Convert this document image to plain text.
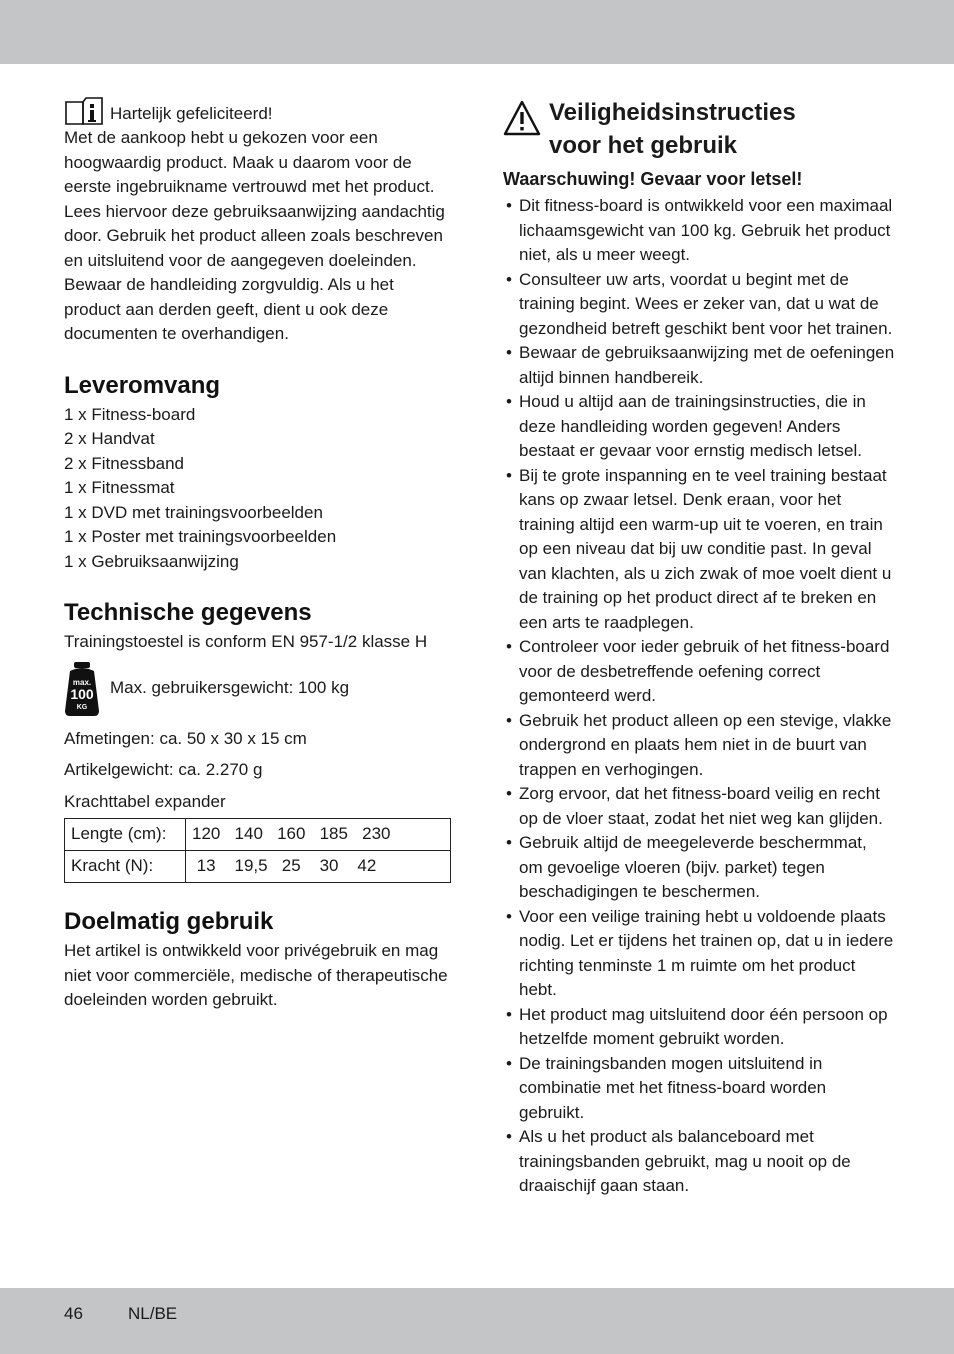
Hartelijk gefeliciteerd!

Met de aankoop hebt u gekozen voor een hoogwaardig product. Maak u daarom voor de eerste ingebruikname vertrouwd met het product. Lees hiervoor deze gebruiksaanwijzing aandachtig door. Gebruik het product alleen zoals beschreven en uitsluitend voor de aangegeven doeleinden. Bewaar de handleiding zorgvuldig. Als u het product aan derden geeft, dient u ook deze documenten te overhandigen.

Leveromvang
1 x Fitness-board
2 x Handvat
2 x Fitnessband
1 x Fitnessmat
1 x DVD met trainingsvoorbeelden
1 x Poster met trainingsvoorbeelden
1 x Gebruiksaanwijzing
Technische gegevens

Trainingstoestel is conform EN 957-1/2 klasse H

max.
100
KG
Max. gebruikersgewicht: 100 kg

Afmetingen: ca. 50 x 30 x 15 cm

Artikelgewicht: ca. 2.270 g

Krachttabel expander

Lengte (cm):	120   140   160   185   230
Kracht (N):	13    19,5   25    30    42
Doelmatig gebruik

Het artikel is ontwikkeld voor privégebruik en mag niet voor commerciële, medische of therapeutische doeleinden worden gebruikt.

Veiligheidsinstructies
voor het gebruik
Waarschuwing! Gevaar voor letsel!
• Dit fitness-board is ontwikkeld voor een maximaal lichaamsgewicht van 100 kg. Gebruik het product niet, als u meer weegt.
• Consulteer uw arts, voordat u begint met de training begint. Wees er zeker van, dat u wat de gezondheid betreft geschikt bent voor het trainen.
• Bewaar de gebruiksaanwijzing met de oefeningen altijd binnen handbereik.
• Houd u altijd aan de trainingsinstructies, die in deze handleiding worden gegeven! Anders bestaat er gevaar voor ernstig medisch letsel.
• Bij te grote inspanning en te veel training bestaat kans op zwaar letsel. Denk eraan, voor het training altijd een warm-up uit te voeren, en train op een niveau dat bij uw conditie past. In geval van klachten, als u zich zwak of moe voelt dient u de training op het product direct af te breken en een arts te raadplegen.
• Controleer voor ieder gebruik of het fitness-board voor de desbetreffende oefening correct gemonteerd werd.
• Gebruik het product alleen op een stevige, vlakke ondergrond en plaats hem niet in de buurt van trappen en verhogingen.
• Zorg ervoor, dat het fitness-board veilig en recht op de vloer staat, zodat het niet weg kan glijden.
• Gebruik altijd de meegeleverde beschermmat, om gevoelige vloeren (bijv. parket) tegen beschadigingen te beschermen.
• Voor een veilige training hebt u voldoende plaats nodig. Let er tijdens het trainen op, dat u in iedere richting tenminste 1 m ruimte om het product hebt.
• Het product mag uitsluitend door één persoon op hetzelfde moment gebruikt worden.
• De trainingsbanden mogen uitsluitend in combinatie met het fitness-board worden gebruikt.
• Als u het product als balanceboard met trainingsbanden gebruikt, mag u nooit op de draaischijf gaan staan.
46	NL/BE
